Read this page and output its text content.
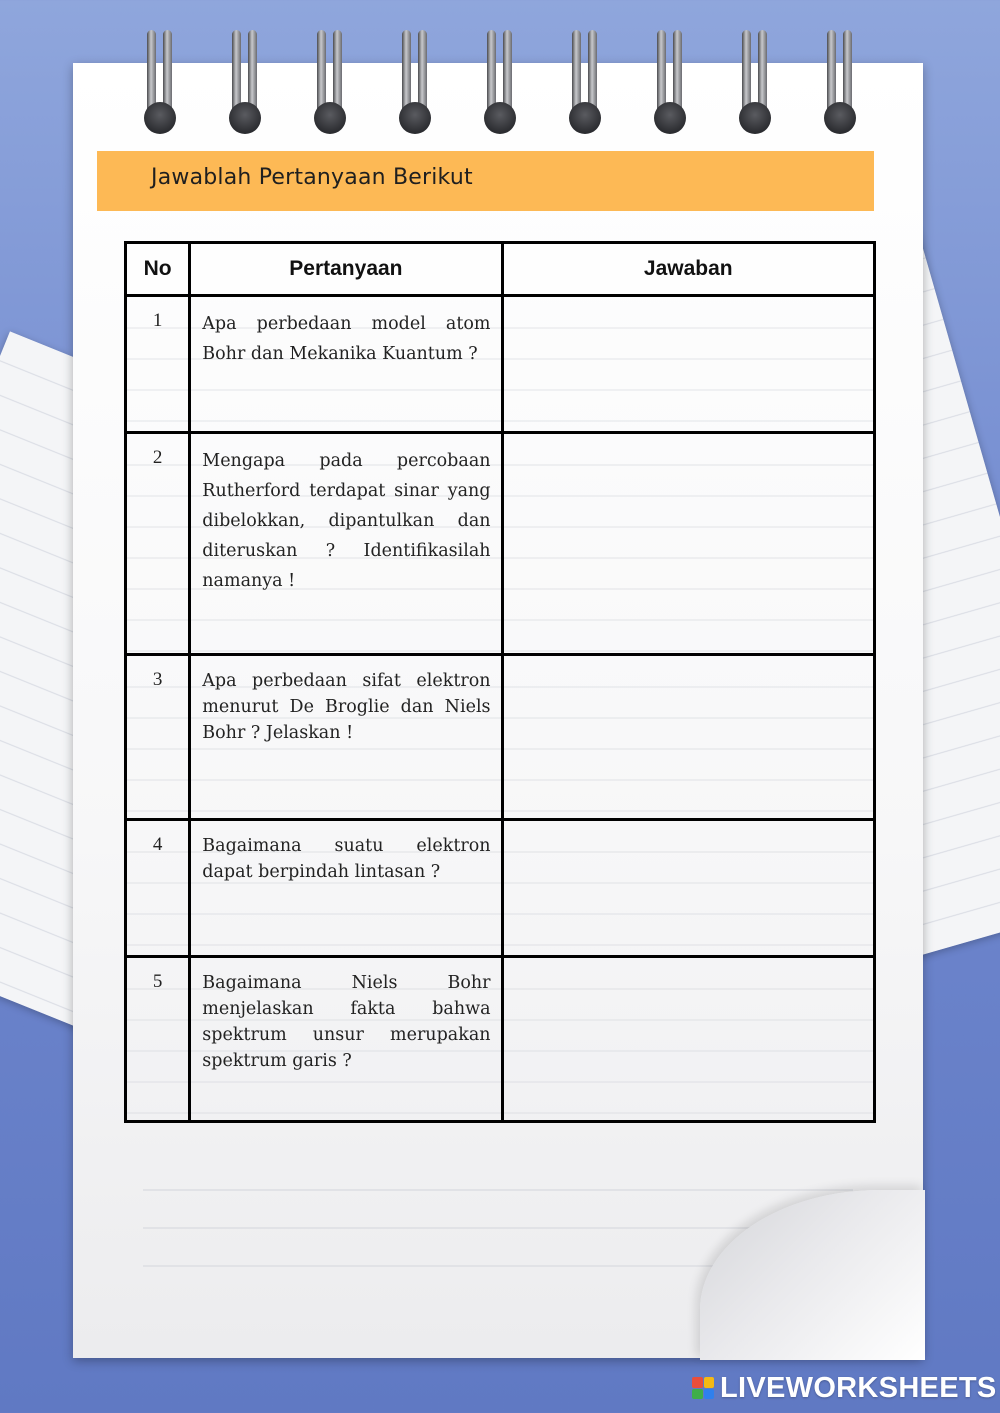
Jawablah Pertanyaan Berikut
No	Pertanyaan	Jawaban
1	Apa perbedaan model atom Bohr dan Mekanika Kuantum ?	
2	Mengapa pada percobaan Rutherford terdapat sinar yang dibelokkan, dipantulkan dan diteruskan ? Identifikasilah namanya !	
3	Apa perbedaan sifat elektron menurut De Broglie dan Niels Bohr ? Jelaskan !	
4	Bagaimana suatu elektron dapat berpindah lintasan ?	
5	Bagaimana Niels Bohr menjelaskan fakta bahwa spektrum unsur merupakan spektrum garis ?	
LIVEWORKSHEETS
